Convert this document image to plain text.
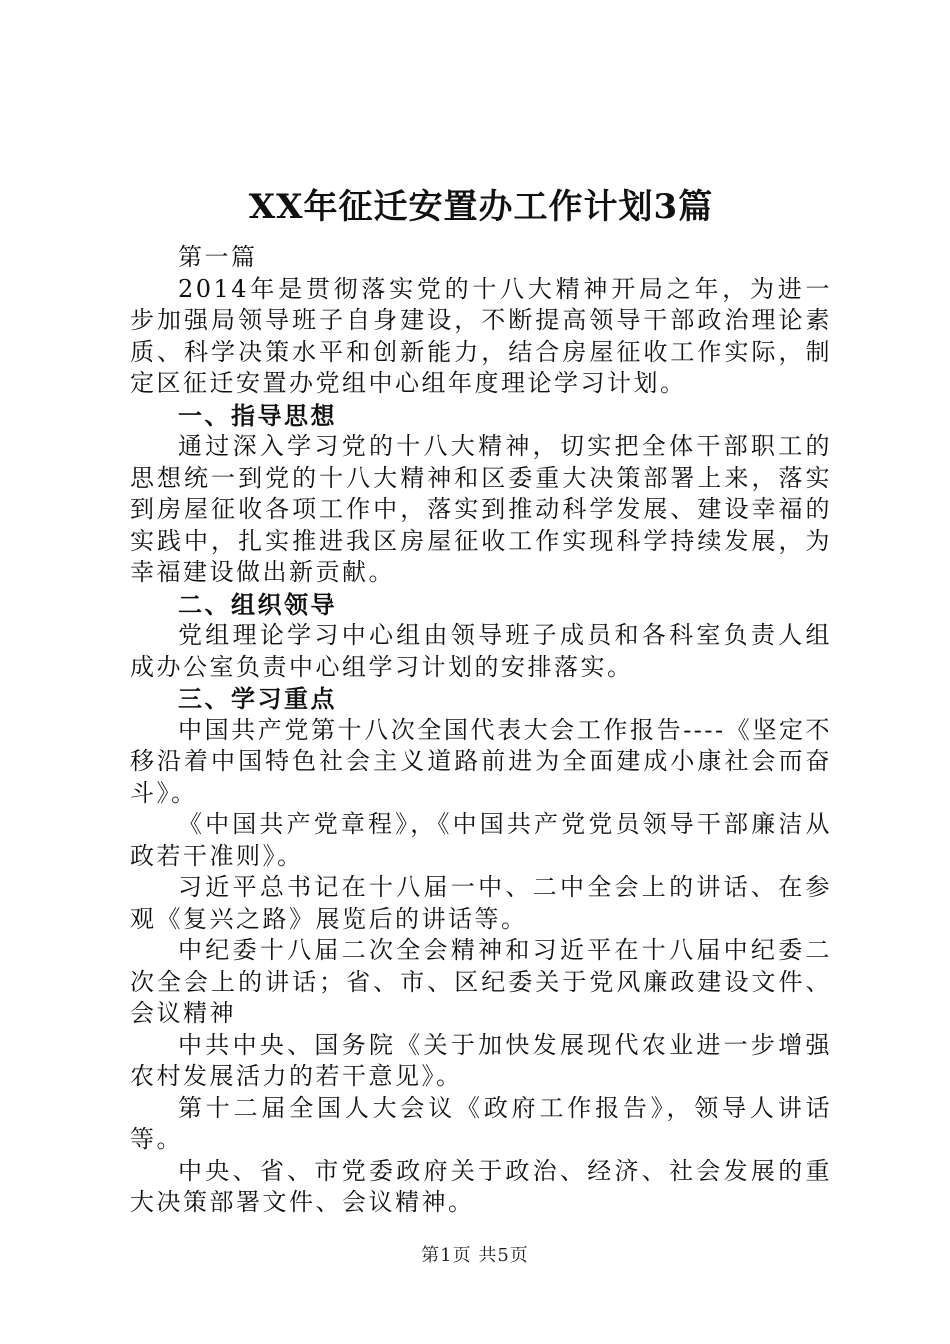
XX年征迁安置办工作计划3篇

第一篇

2014年是贯彻落实党的十八大精神开局之年，为进一步加强局领导班子自身建设，不断提高领导干部政治理论素质、科学决策水平和创新能力，结合房屋征收工作实际，制定区征迁安置办党组中心组年度理论学习计划。

一、指导思想

通过深入学习党的十八大精神，切实把全体干部职工的思想统一到党的十八大精神和区委重大决策部署上来，落实到房屋征收各项工作中，落实到推动科学发展、建设幸福的实践中，扎实推进我区房屋征收工作实现科学持续发展，为幸福建设做出新贡献。

二、组织领导

党组理论学习中心组由领导班子成员和各科室负责人组成办公室负责中心组学习计划的安排落实。

三、学习重点

中国共产党第十八次全国代表大会工作报告----《坚定不移沿着中国特色社会主义道路前进为全面建成小康社会而奋斗》。

《中国共产党章程》，《中国共产党党员领导干部廉洁从政若干准则》。

习近平总书记在十八届一中、二中全会上的讲话、在参观《复兴之路》展览后的讲话等。

中纪委十八届二次全会精神和习近平在十八届中纪委二次全会上的讲话；省、市、区纪委关于党风廉政建设文件、会议精神

中共中央、国务院《关于加快发展现代农业进一步增强农村发展活力的若干意见》。

第十二届全国人大会议《政府工作报告》，领导人讲话等。

中央、省、市党委政府关于政治、经济、社会发展的重大决策部署文件、会议精神。

第1页 共5页
